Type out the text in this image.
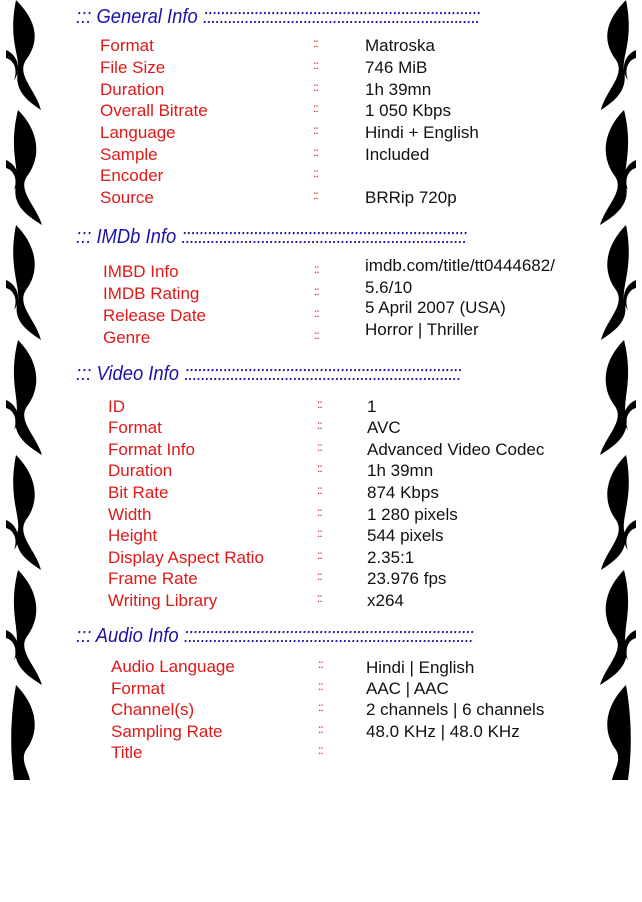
::: General Info ::::::::::::::::::::::::::::::::::::::::::::::::::::::::::::::::::
Format	::	Matroska
File Size	::	746 MiB
Duration	::	1h 39mn
Overall Bitrate	::	1 050 Kbps
Language	::	Hindi + English
Sample	::	Included
Encoder	::
Source	::	BRRip 720p
::: IMDb Info ::::::::::::::::::::::::::::::::::::::::::::::::::::::::::::::::::::
IMBD Info	::	imdb.com/title/tt0444682/
IMDB Rating	::	5.6/10
Release Date	::	5 April 2007 (USA)
Genre	::	Horror | Thriller
::: Video Info ::::::::::::::::::::::::::::::::::::::::::::::::::::::::::::::::::
ID	::	1
Format	::	AVC
Format Info	::	Advanced Video Codec
Duration	::	1h 39mn
Bit Rate	::	874 Kbps
Width	::	1 280 pixels
Height	::	544 pixels
Display Aspect Ratio	::	2.35:1
Frame Rate	::	23.976 fps
Writing Library	::	x264
::: Audio Info :::::::::::::::::::::::::::::::::::::::::::::::::::::::::::::::::::::
Audio Language	::	Hindi | English
Format	::	AAC | AAC
Channel(s)	::	2 channels | 6 channels
Sampling Rate	::	48.0 KHz | 48.0 KHz
Title	::
